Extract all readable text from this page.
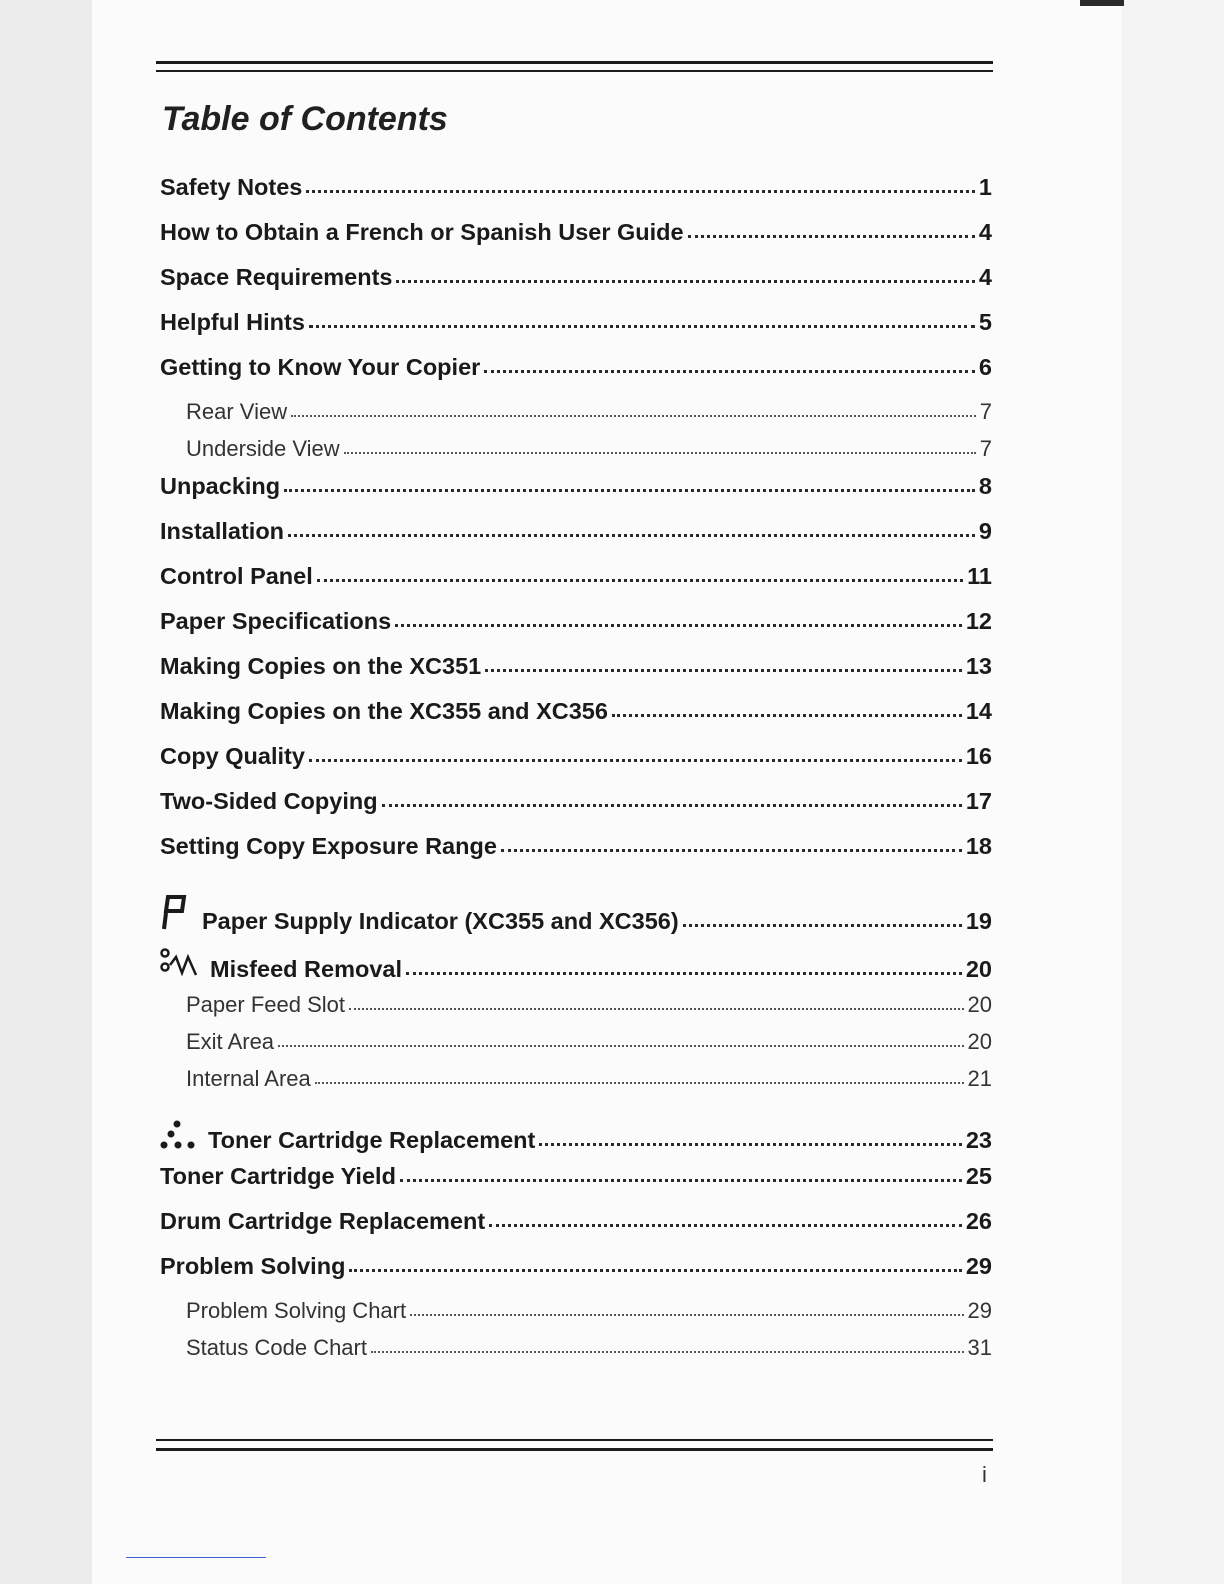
Table of Contents
Safety Notes	1
How to Obtain a French or Spanish User Guide	4
Space Requirements	4
Helpful Hints	5
Getting to Know Your Copier	6
Rear View	7
Underside View	7
Unpacking	8
Installation	9
Control Panel	11
Paper Specifications	12
Making Copies on the XC351	13
Making Copies on the XC355 and XC356	14
Copy Quality	16
Two-Sided Copying	17
Setting Copy Exposure Range	18
Paper Supply Indicator (XC355 and XC356)	19
Misfeed Removal	20
Paper Feed Slot	20
Exit Area	20
Internal Area	21
Toner Cartridge Replacement	23
Toner Cartridge Yield	25
Drum Cartridge Replacement	26
Problem Solving	29
Problem Solving Chart	29
Status Code Chart	31
i
